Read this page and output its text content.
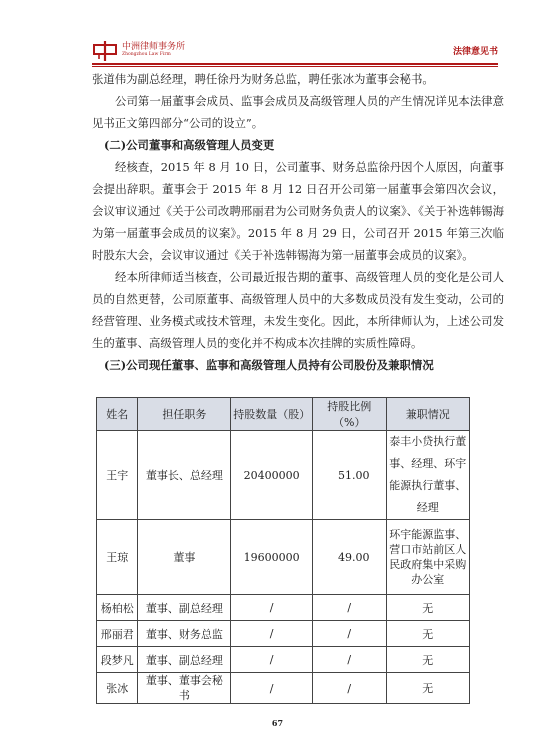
中洲律师事务所
Zhongzhou Law Firm	法律意见书

张道伟为副总经理，聘任徐丹为财务总监，聘任张冰为董事会秘书。

公司第一届董事会成员、监事会成员及高级管理人员的产生情况详见本法律意见书正文第四部分“公司的设立”。

(二)公司董事和高级管理人员变更

经核查，2015 年 8 月 10 日，公司董事、财务总监徐丹因个人原因，向董事会提出辞职。董事会于 2015 年 8 月 12 日召开公司第一届董事会第四次会议，会议审议通过《关于公司改聘邢丽君为公司财务负责人的议案》、《关于补选韩锡海为第一届董事会成员的议案》。2015 年 8 月 29 日，公司召开 2015 年第三次临时股东大会，会议审议通过《关于补选韩锡海为第一届董事会成员的议案》。

经本所律师适当核查，公司最近报告期的董事、高级管理人员的变化是公司人员的自然更替，公司原董事、高级管理人员中的大多数成员没有发生变动，公司的经营管理、业务模式或技术管理，未发生变化。因此，本所律师认为，上述公司发生的董事、高级管理人员的变化并不构成本次挂牌的实质性障碍。

(三)公司现任董事、监事和高级管理人员持有公司股份及兼职情况

姓名	担任职务	持股数量（股）	持股比例（%）	兼职情况
王宇	董事长、总经理	20400000	51.00	泰丰小贷执行董事、经理、环宇能源执行董事、经理
王琼	董事	19600000	49.00	环宇能源监事、营口市站前区人民政府集中采购办公室
杨柏松	董事、副总经理	/	/	无
邢丽君	董事、财务总监	/	/	无
段梦凡	董事、副总经理	/	/	无
张冰	董事、董事会秘书	/	/	无
67
